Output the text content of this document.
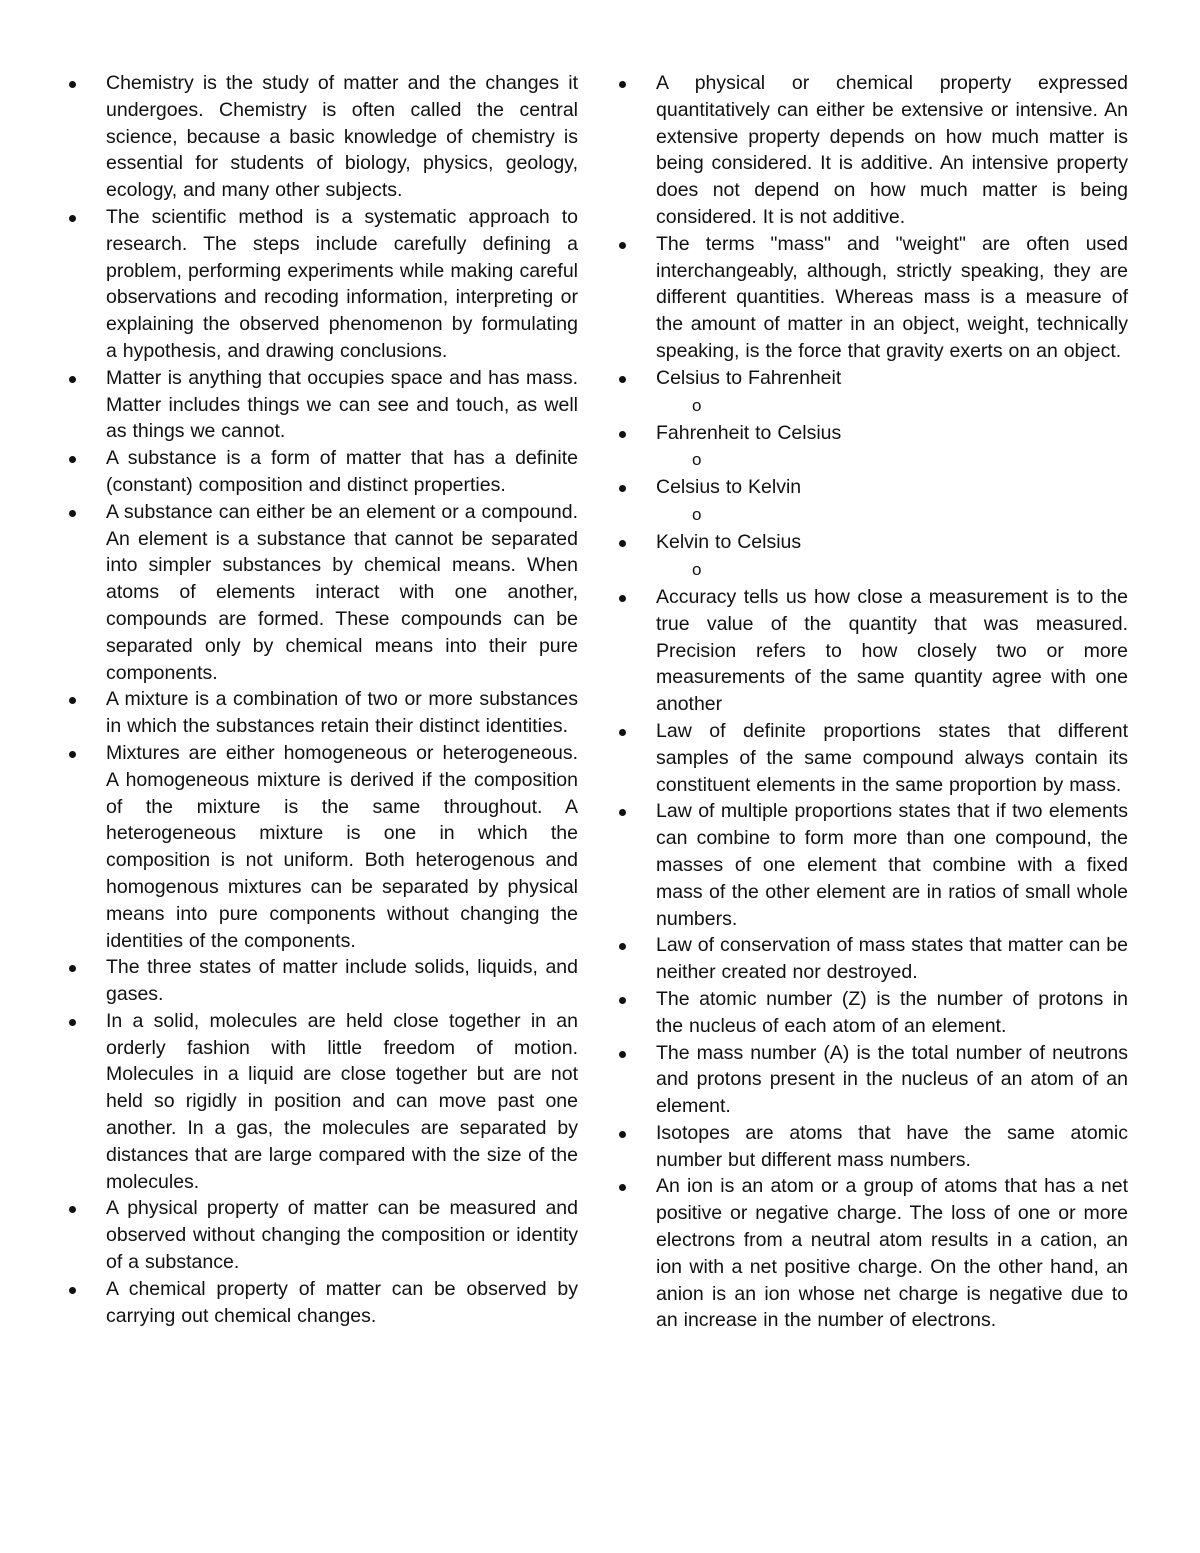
Chemistry is the study of matter and the changes it undergoes. Chemistry is often called the central science, because a basic knowledge of chemistry is essential for students of biology, physics, geology, ecology, and many other subjects.
The scientific method is a systematic approach to research. The steps include carefully defining a problem, performing experiments while making careful observations and recoding information, interpreting or explaining the observed phenomenon by formulating a hypothesis, and drawing conclusions.
Matter is anything that occupies space and has mass. Matter includes things we can see and touch, as well as things we cannot.
A substance is a form of matter that has a definite (constant) composition and distinct properties.
A substance can either be an element or a compound. An element is a substance that cannot be separated into simpler substances by chemical means. When atoms of elements interact with one another, compounds are formed. These compounds can be separated only by chemical means into their pure components.
A mixture is a combination of two or more substances in which the substances retain their distinct identities.
Mixtures are either homogeneous or heterogeneous. A homogeneous mixture is derived if the composition of the mixture is the same throughout. A heterogeneous mixture is one in which the composition is not uniform. Both heterogenous and homogenous mixtures can be separated by physical means into pure components without changing the identities of the components.
The three states of matter include solids, liquids, and gases.
In a solid, molecules are held close together in an orderly fashion with little freedom of motion. Molecules in a liquid are close together but are not held so rigidly in position and can move past one another. In a gas, the molecules are separated by distances that are large compared with the size of the molecules.
A physical property of matter can be measured and observed without changing the composition or identity of a substance.
A chemical property of matter can be observed by carrying out chemical changes.
A physical or chemical property expressed quantitatively can either be extensive or intensive. An extensive property depends on how much matter is being considered. It is additive. An intensive property does not depend on how much matter is being considered. It is not additive.
The terms "mass" and "weight" are often used interchangeably, although, strictly speaking, they are different quantities. Whereas mass is a measure of the amount of matter in an object, weight, technically speaking, is the force that gravity exerts on an object.
Celsius to Fahrenheit
o
Fahrenheit to Celsius
o
Celsius to Kelvin
o
Kelvin to Celsius
o
Accuracy tells us how close a measurement is to the true value of the quantity that was measured. Precision refers to how closely two or more measurements of the same quantity agree with one another
Law of definite proportions states that different samples of the same compound always contain its constituent elements in the same proportion by mass.
Law of multiple proportions states that if two elements can combine to form more than one compound, the masses of one element that combine with a fixed mass of the other element are in ratios of small whole numbers.
Law of conservation of mass states that matter can be neither created nor destroyed.
The atomic number (Z) is the number of protons in the nucleus of each atom of an element.
The mass number (A) is the total number of neutrons and protons present in the nucleus of an atom of an element.
Isotopes are atoms that have the same atomic number but different mass numbers.
An ion is an atom or a group of atoms that has a net positive or negative charge. The loss of one or more electrons from a neutral atom results in a cation, an ion with a net positive charge. On the other hand, an anion is an ion whose net charge is negative due to an increase in the number of electrons.
